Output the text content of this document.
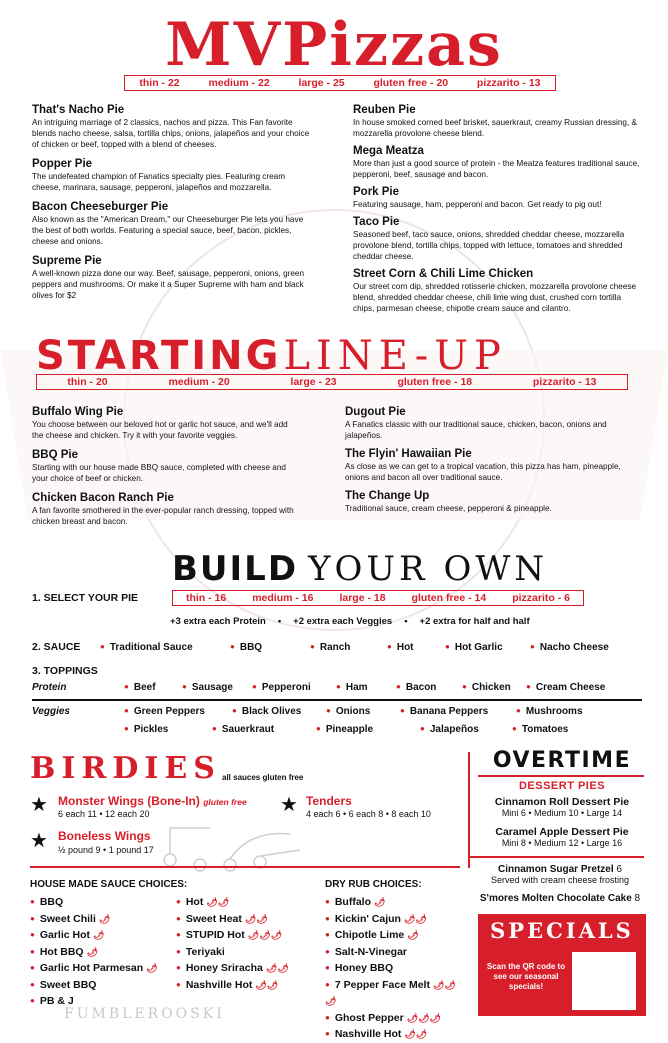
MVPizzas
thin - 22	medium - 22	large - 25	gluten free - 20	pizzarito - 13
That's Nacho Pie

An intriguing marriage of 2 classics, nachos and pizza. This Fan favorite blends nacho cheese, salsa, tortilla chips, onions, jalapeños and your choice of chicken or beef, topped with a blend of cheeses.

Popper Pie

The undefeated champion of Fanatics specialty pies. Featuring cream cheese, marinara, sausage, pepperoni, jalapeños and mozzarella.

Bacon Cheeseburger Pie

Also known as the "American Dream," our Cheeseburger Pie lets you have the best of both worlds. Featuring a special sauce, beef, bacon, pickles, cheese and onions.

Supreme Pie

A well-known pizza done our way. Beef, sausage, pepperoni, onions, green peppers and mushrooms. Or make it a Super Supreme with ham and black olives for $2

Reuben Pie

In house smoked corned beef brisket, sauerkraut, creamy Russian dressing, & mozzarella provolone cheese blend.

Mega Meatza

More than just a good source of protein - the Meatza features traditional sauce, pepperoni, beef, sausage and bacon.

Pork Pie

Featuring sausage, ham, pepperoni and bacon. Get ready to pig out!

Taco Pie

Seasoned beef, taco sauce, onions, shredded cheddar cheese, mozzarella provolone blend, tortilla chips, topped with lettuce, tomatoes and shredded cheddar cheese.

Street Corn & Chili Lime Chicken

Our street corn dip, shredded rotisserie chicken, mozzarella provolone cheese blend, shredded cheddar cheese, chili lime wing dust, crushed corn tortilla chips, parmesan cheese, chipotle cream sauce and cilantro.

STARTINGLINE-UP
thin - 20	medium - 20	large - 23	gluten free - 18	pizzarito - 13
Buffalo Wing Pie

You choose between our beloved hot or garlic hot sauce, and we'll add the cheese and chicken. Try it with your favorite veggies.

BBQ Pie

Starting with our house made BBQ sauce, completed with cheese and your choice of beef or chicken.

Chicken Bacon Ranch Pie

A fan favorite smothered in the ever-popular ranch dressing, topped with chicken breast and bacon.

Dugout Pie

A Fanatics classic with our traditional sauce, chicken, bacon, onions and jalapeños.

The Flyin' Hawaiian Pie

As close as we can get to a tropical vacation, this pizza has ham, pineapple, onions and bacon all over traditional sauce.

The Change Up

Traditional sauce, cream cheese, pepperoni & pineapple.

BUILD YOUR OWN
1. SELECT YOUR PIE	thin - 16 medium - 16 large - 18 gluten free - 14 pizzarito - 6
+3 extra each Protein • +2 extra each Veggies • +2 extra for half and half
2. SAUCE	● Traditional Sauce	● BBQ	● Ranch	● Hot	● Hot Garlic	● Nacho Cheese
3. TOPPINGS
Protein	● Beef	● Sausage	● Pepperoni	● Ham	● Bacon	● Chicken	● Cream Cheese
Veggies	● Green Peppers	● Black Olives	● Onions	● Banana Peppers	● Mushrooms
● Pickles	● Sauerkraut	● Pineapple	● Jalapeños	● Tomatoes
BIRDIES all sauces gluten free
★ Monster Wings (Bone-In) gluten free
6 each 11 • 12 each 20	★ Tenders
4 each 6 • 6 each 8 • 8 each 10
★ Boneless Wings
½ pound 9 • 1 pound 17
HOUSE MADE SAUCE CHOICES:
● BBQ
● Sweet Chili 🌶
● Garlic Hot 🌶
● Hot BBQ 🌶
● Garlic Hot Parmesan 🌶
● Sweet BBQ
● PB & J
● Hot 🌶🌶
● Sweet Heat 🌶🌶
● STUPID Hot 🌶🌶🌶
● Teriyaki
● Honey Sriracha 🌶🌶
● Nashville Hot 🌶🌶
DRY RUB CHOICES:
● Buffalo 🌶
● Kickin' Cajun 🌶🌶
● Chipotle Lime 🌶
● Salt-N-Vinegar
● Honey BBQ
● 7 Pepper Face Melt 🌶🌶🌶
● Ghost Pepper 🌶🌶🌶
● Nashville Hot 🌶🌶
FUMBLEROOSKI
OVERTIME
DESSERT PIES
Cinnamon Roll Dessert Pie
Mini 6 • Medium 10 • Large 14
Caramel Apple Dessert Pie
Mini 8 • Medium 12 • Large 16
Cinnamon Sugar Pretzel 6
Served with cream cheese frosting
S'mores Molten Chocolate Cake 8
SPECIALS
Scan the QR code to see our seasonal specials!
